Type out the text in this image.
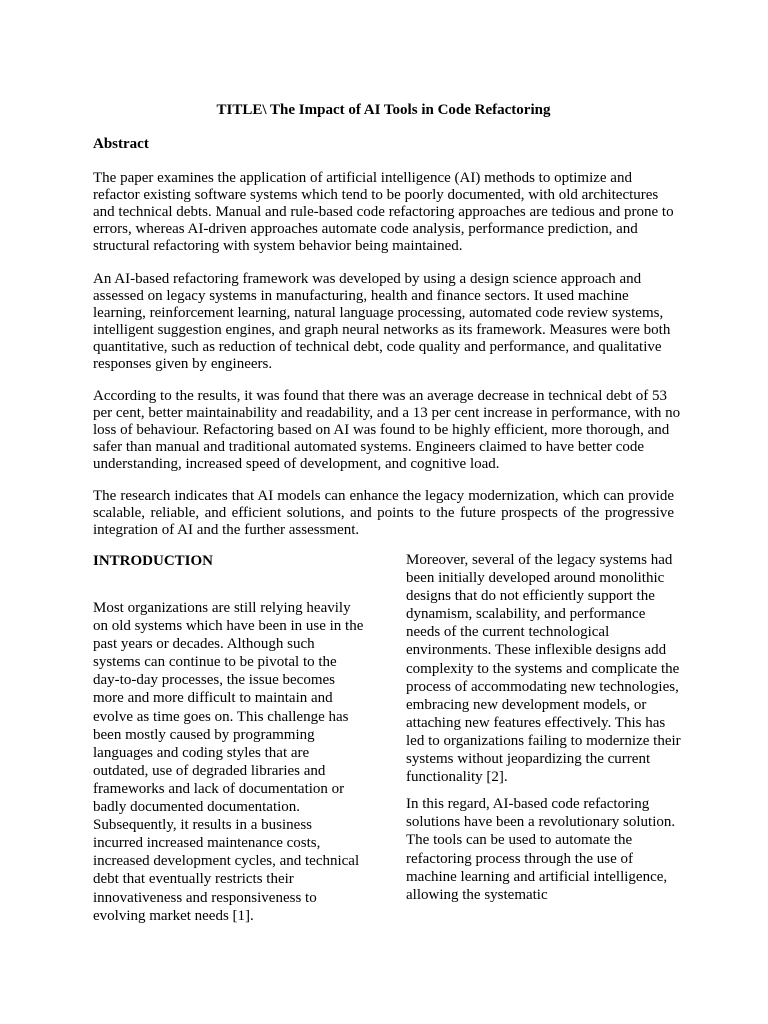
TITLE\ The Impact of AI Tools in Code Refactoring
Abstract

The paper examines the application of artificial intelligence (AI) methods to optimize and refactor existing software systems which tend to be poorly documented, with old architectures and technical debts. Manual and rule-based code refactoring approaches are tedious and prone to errors, whereas AI-driven approaches automate code analysis, performance prediction, and structural refactoring with system behavior being maintained.

An AI-based refactoring framework was developed by using a design science approach and assessed on legacy systems in manufacturing, health and finance sectors. It used machine learning, reinforcement learning, natural language processing, automated code review systems, intelligent suggestion engines, and graph neural networks as its framework. Measures were both quantitative, such as reduction of technical debt, code quality and performance, and qualitative responses given by engineers.

According to the results, it was found that there was an average decrease in technical debt of 53 per cent, better maintainability and readability, and a 13 per cent increase in performance, with no loss of behaviour. Refactoring based on AI was found to be highly efficient, more thorough, and safer than manual and traditional automated systems. Engineers claimed to have better code understanding, increased speed of development, and cognitive load.

The research indicates that AI models can enhance the legacy modernization, which can provide scalable, reliable, and efficient solutions, and points to the future prospects of the progressive integration of AI and the further assessment.

INTRODUCTION

Most organizations are still relying heavily on old systems which have been in use in the past years or decades. Although such systems can continue to be pivotal to the day-to-day processes, the issue becomes more and more difficult to maintain and evolve as time goes on. This challenge has been mostly caused by programming languages and coding styles that are outdated, use of degraded libraries and frameworks and lack of documentation or badly documented documentation. Subsequently, it results in a business incurred increased maintenance costs, increased development cycles, and technical debt that eventually restricts their innovativeness and responsiveness to evolving market needs [1].

Moreover, several of the legacy systems had been initially developed around monolithic designs that do not efficiently support the dynamism, scalability, and performance needs of the current technological environments. These inflexible designs add complexity to the systems and complicate the process of accommodating new technologies, embracing new development models, or attaching new features effectively. This has led to organizations failing to modernize their systems without jeopardizing the current functionality [2].

In this regard, AI-based code refactoring solutions have been a revolutionary solution. The tools can be used to automate the refactoring process through the use of machine learning and artificial intelligence, allowing the systematic
